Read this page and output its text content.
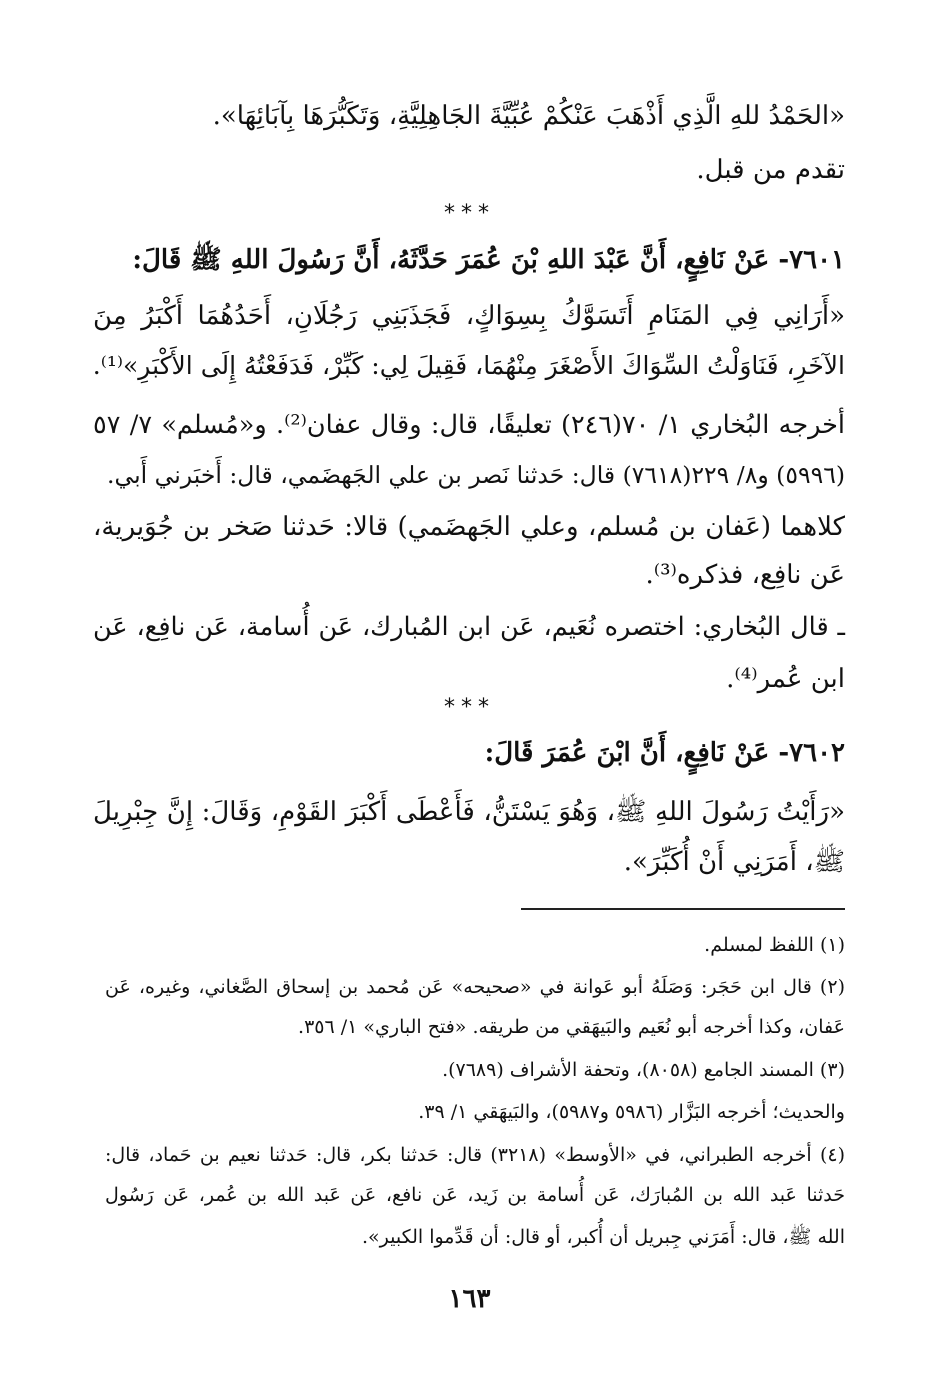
«الحَمْدُ للهِ الَّذِي أَذْهَبَ عَنْكُمْ عُبِّيَّةَ الجَاهِلِيَّةِ، وَتَكَبُّرَهَا بِآبَائِهَا».
تقدم من قبل.
***
٧٦٠١- عَنْ نَافِعٍ، أَنَّ عَبْدَ اللهِ بْنَ عُمَرَ حَدَّثَهُ، أَنَّ رَسُولَ اللهِ ﷺ قَالَ:
«أَرَانِي فِي المَنَامِ أَتَسَوَّكُ بِسِوَاكٍ، فَجَذَبَنِي رَجُلَانِ، أَحَدُهُمَا أَكْبَرُ مِنَ
الآخَرِ، فَنَاوَلْتُ السِّوَاكَ الأَصْغَرَ مِنْهُمَا، فَقِيلَ لِي: كَبِّرْ، فَدَفَعْتُهُ إِلَى الأَكْبَرِ»⁽¹⁾.
أخرجه البُخاري ١/ ٧٠(٢٤٦) تعليقًا، قال: وقال عفان⁽²⁾. و«مُسلم» ٧/ ٥٧
(٥٩٩٦) و٨/ ٢٢٩(٧٦١٨) قال: حَدثنا نَصر بن علي الجَهضَمي، قال: أَخبَرني أَبي.
كلاهما (عَفان بن مُسلم، وعلي الجَهضَمي) قالا: حَدثنا صَخر بن جُوَيرية،
عَن نافِع، فذكره⁽³⁾.
ـ قال البُخاري: اختصره نُعَيم، عَن ابن المُبارك، عَن أُسامة، عَن نافِع، عَن
ابن عُمر⁽⁴⁾.
***
٧٦٠٢- عَنْ نَافِعٍ، أَنَّ ابْنَ عُمَرَ قَالَ:
«رَأَيْتُ رَسُولَ اللهِ ﷺ، وَهُوَ يَسْتَنُّ، فَأَعْطَى أَكْبَرَ القَوْمِ، وَقَالَ: إِنَّ جِبْرِيلَ
ﷺ، أَمَرَنِي أَنْ أُكَبِّرَ».
(١) اللفظ لمسلم.
(٢) قال ابن حَجَر: وَصَلَهُ أبو عَوانة في «صحيحه» عَن مُحمد بن إسحاق الصَّغاني، وغيره، عَن
عَفان، وكذا أخرجه أبو نُعَيم والبَيهَقي من طريقه. «فتح الباري» ١/ ٣٥٦.
(٣) المسند الجامع (٨٠٥٨)، وتحفة الأشراف (٧٦٨٩).
والحديث؛ أخرجه البَزَّار (٥٩٨٦ و٥٩٨٧)، والبَيهَقي ١/ ٣٩.
(٤) أخرجه الطبراني، في «الأوسط» (٣٢١٨) قال: حَدثنا بكر، قال: حَدثنا نعيم بن حَماد، قال:
حَدثنا عَبد الله بن المُبارَك، عَن أُسامة بن زَيد، عَن نافع، عَن عَبد الله بن عُمر، عَن رَسُول
الله ﷺ، قال: أَمَرَني جِبريل أن أُكبر، أو قال: أن قَدِّموا الكبير».
١٦٣
